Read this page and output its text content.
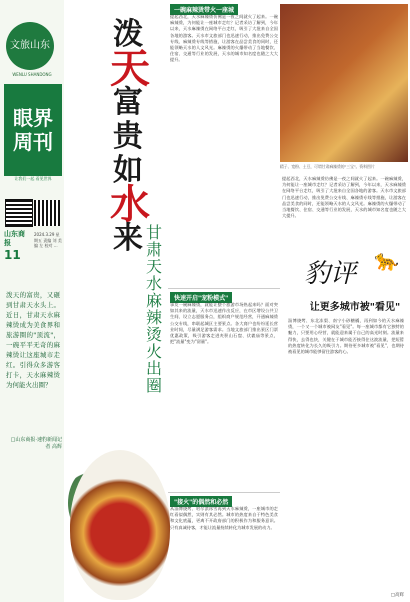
文旅山东
WENLU SHANDONG
眼界周刊
让我们一起 看见世界
山东商报
11
2024.3.29 星期五 责编 刘 美编 左 校对 ...
泼天的富贵，又砸到甘肃天水头上。近日，甘肃天水麻辣烫成为美食界和旅游圈的"顶流"，一碗平平无奇的麻辣烫让这座城市走红。引得众多游客打卡，天水麻辣烫为何能火出圈？
□山东商报·速豹新闻记者 高辉
泼
天
富
贵
如
水
来 甘
肃
天
水
麻
辣
烫
火
出
圈
一碗麻辣烫带火一座城
提起西北，天水麻辣烫仿佛是一夜之间就火了起来。一碗麻辣烫，为何能让一座城市走红？记者采访了解到，今年以来，天水麻辣烫在网络平台走红，吸引了大批来自全国各地的游客。天水市文旅部门也迅速行动，推出免费公交专线、麻辣烫专线等措施，让游客在品尝美食的同时，还能领略天水的人文风光。麻辣烫的火爆带动了当地餐饮、住宿、交通等行业的发展，天水的城市知名度也随之大大提升。
快速开启"宠粉模式"
事发一碗麻辣烫，就能让整个旅游市场热起来吗？面对突如其来的流量，天水市迅速作出反应，在市区增设公共卫生间、设立志愿服务点，组织商户规范经营，开通麻辣烫公交专线，串联起城区主要景点。各大商户也纷纷延长营业时间，尽量满足游客需求。当地文旅部门推出景区门票优惠政策，吸引游客走进麦积山石窟、伏羲庙等景点，把"流量"变为"留量"。
"接火"的偶然和必然
从淄博烧烤、哈尔滨冰雪再到天水麻辣烫，一座城市的走红看似偶然，实则有其必然。城市的热度来自于特色美食和文化底蕴，更离不开政府部门的积极作为和服务意识。只有真诚待客，才能让流量持续转化为城市发展的动力。
精子、宽粉、土豆，可谓甘肃麻辣烫的"三宝"。资料图片
提起西北，天水麻辣烫仿佛是一夜之间就火了起来。一碗麻辣烫，为何能让一座城市走红？记者采访了解到，今年以来，天水麻辣烫在网络平台走红，吸引了大批来自全国各地的游客。天水市文旅部门也迅速行动，推出免费公交专线、麻辣烫专线等措施，让游客在品尝美食的同时，还能领略天水的人文风光。麻辣烫的火爆带动了当地餐饮、住宿、交通等行业的发展，天水的城市知名度也随之大大提升。
豹评 🐆
让更多城市被"看见"
淄博烧烤、东北冻梨、南宁小砂糖橘，再到如今的天水麻辣烫，一个又一个城市被网友"看见"。每一座城市都有它独特的魅力，只要用心经营，就能迎来属于自己的高光时刻。流量来得快，去得也快，关键在于城市能否接得住这波流量，把短暂的热度转化为长久的吸引力。期待更多城市被"看见"，也期待被看见的城市能够留住游客的心。
□高辉
